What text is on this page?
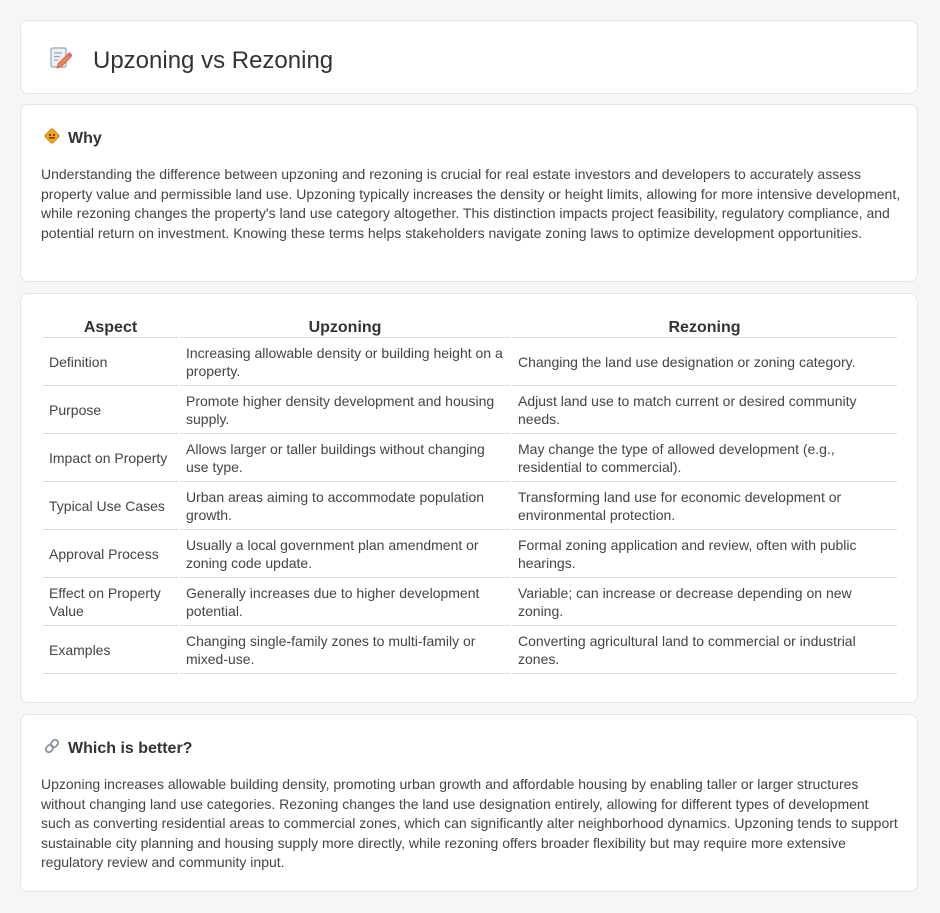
Upzoning vs Rezoning
Why

Understanding the difference between upzoning and rezoning is crucial for real estate investors and developers to accurately assess property value and permissible land use. Upzoning typically increases the density or height limits, allowing for more intensive development, while rezoning changes the property's land use category altogether. This distinction impacts project feasibility, regulatory compliance, and potential return on investment. Knowing these terms helps stakeholders navigate zoning laws to optimize development opportunities.

Aspect	Upzoning	Rezoning
Definition	Increasing allowable density or building height on a property.	Changing the land use designation or zoning category.
Purpose	Promote higher density development and housing supply.	Adjust land use to match current or desired community needs.
Impact on Property	Allows larger or taller buildings without changing use type.	May change the type of allowed development (e.g., residential to commercial).
Typical Use Cases	Urban areas aiming to accommodate population growth.	Transforming land use for economic development or environmental protection.
Approval Process	Usually a local government plan amendment or zoning code update.	Formal zoning application and review, often with public hearings.
Effect on Property Value	Generally increases due to higher development potential.	Variable; can increase or decrease depending on new zoning.
Examples	Changing single-family zones to multi-family or mixed-use.	Converting agricultural land to commercial or industrial zones.
Which is better?

Upzoning increases allowable building density, promoting urban growth and affordable housing by enabling taller or larger structures without changing land use categories. Rezoning changes the land use designation entirely, allowing for different types of development such as converting residential areas to commercial zones, which can significantly alter neighborhood dynamics. Upzoning tends to support sustainable city planning and housing supply more directly, while rezoning offers broader flexibility but may require more extensive regulatory review and community input.
